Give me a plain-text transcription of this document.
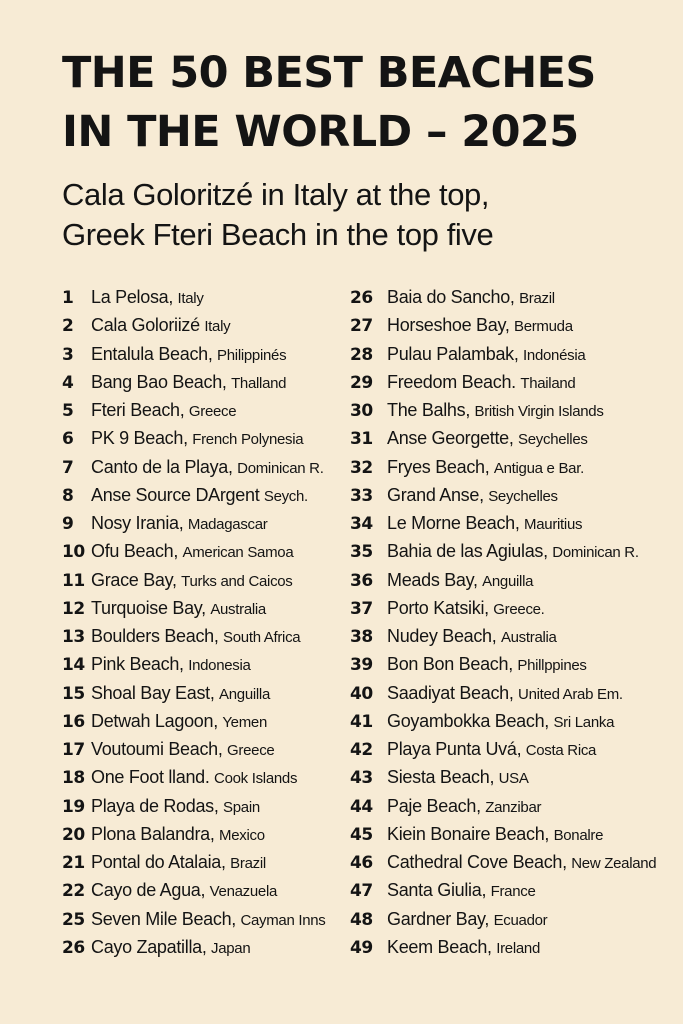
THE 50 BEST BEACHES
IN THE WORLD – 2025
Cala Goloritzé in Italy at the top,
Greek Fteri Beach in the top five
1 La Pelosa,
Italy
2 Cala Goloriizé
Italy
3 Entalula Beach,
Philippinés
4 Bang Bao Beach,
Thalland
5 Fteri Beach,
Greece
6 PK 9 Beach,
French Polynesia
7 Canto de la Playa,
Dominican R.
8 Anse Source DArgent
Seych.
9 Nosy Irania,
Madagascar
10 Ofu Beach,
American Samoa
11 Grace Bay,
Turks and Caicos
12 Turquoise Bay,
Australia
13 Boulders Beach,
South Africa
14 Pink Beach,
Indonesia
15 Shoal Bay East,
Anguilla
16 Detwah Lagoon,
Yemen
17 Voutoumi Beach,
Greece
18 One Foot lland.
Cook Islands
19 Playa de Rodas,
Spain
20 Plona Balandra,
Mexico
21 Pontal do Atalaia,
Brazil
22 Cayo de Agua,
Venazuela
25 Seven Mile Beach,
Cayman Inns
26 Cayo Zapatilla,
Japan
26 Baia do Sancho,
Brazil
27 Horseshoe Bay,
Bermuda
28 Pulau Palambak,
Indonésia
29 Freedom Beach.
Thailand
30 The Balhs,
British Virgin Islands
31 Anse Georgette,
Seychelles
32 Fryes Beach,
Antigua e Bar.
33 Grand Anse,
Seychelles
34 Le Morne Beach,
Mauritius
35 Bahia de las Agiulas,
Dominican R.
36 Meads Bay,
Anguilla
37 Porto Katsiki,
Greece.
38 Nudey Beach,
Australia
39 Bon Bon Beach,
Phillppines
40 Saadiyat Beach,
United Arab Em.
41 Goyambokka Beach,
Sri Lanka
42 Playa Punta Uvá,
Costa Rica
43 Siesta Beach,
USA
44 Paje Beach,
Zanzibar
45 Kiein Bonaire Beach,
Bonalre
46 Cathedral Cove Beach,
New Zealand
47 Santa Giulia,
France
48 Gardner Bay,
Ecuador
49 Keem Beach,
Ireland
